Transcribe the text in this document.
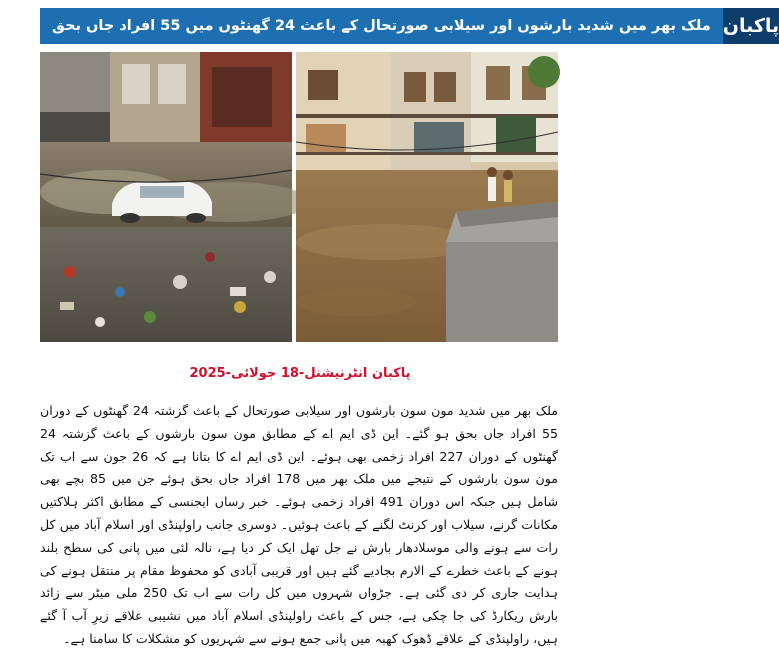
ملک بھر میں شدید بارشوں اور سیلابی صورتحال کے باعث 24 گھنٹوں میں 55 افراد جاں بحق پاکبان
پاکبان انٹرنیشنل-18 جولائی-2025
ملک بھر میں شدید مون سون بارشوں اور سیلابی صورتحال کے باعث گزشتہ 24 گھنٹوں کے دوران 55 افراد جاں بحق ہو گئے۔ این ڈی ایم اے کے مطابق مون سون بارشوں کے باعث گزشتہ 24 گھنٹوں کے دوران 227 افراد زخمی بھی ہوئے۔ این ڈی ایم اے کا بتانا ہے کہ 26 جون سے اب تک مون سون بارشوں کے نتیجے میں ملک بھر میں 178 افراد جاں بحق ہوئے جن میں 85 بچے بھی شامل ہیں جبکہ اس دوران 491 افراد زخمی ہوئے۔ خبر رساں ایجنسی کے مطابق اکثر ہلاکتیں مکانات گرنے، سیلاب اور کرنٹ لگنے کے باعث ہوئیں۔ دوسری جانب راولپنڈی اور اسلام آباد میں کل رات سے ہونے والی موسلادھار بارش نے جل تھل ایک کر دیا ہے، نالہ لئی میں پانی کی سطح بلند ہونے کے باعث خطرے کے الارم بجادیے گئے ہیں اور قریبی آبادی کو محفوظ مقام پر منتقل ہونے کی ہدایت جاری کر دی گئی ہے۔ جڑواں شہروں میں کل رات سے اب تک 250 ملی میٹر سے زائد بارش ریکارڈ کی جا چکی ہے، جس کے باعث راولپنڈی اسلام آباد میں نشیبی علاقے زیرِ آب آ گئے ہیں، راولپنڈی کے علاقے ڈھوک کھبہ میں پانی جمع ہونے سے شہریوں کو مشکلات کا سامنا ہے۔
